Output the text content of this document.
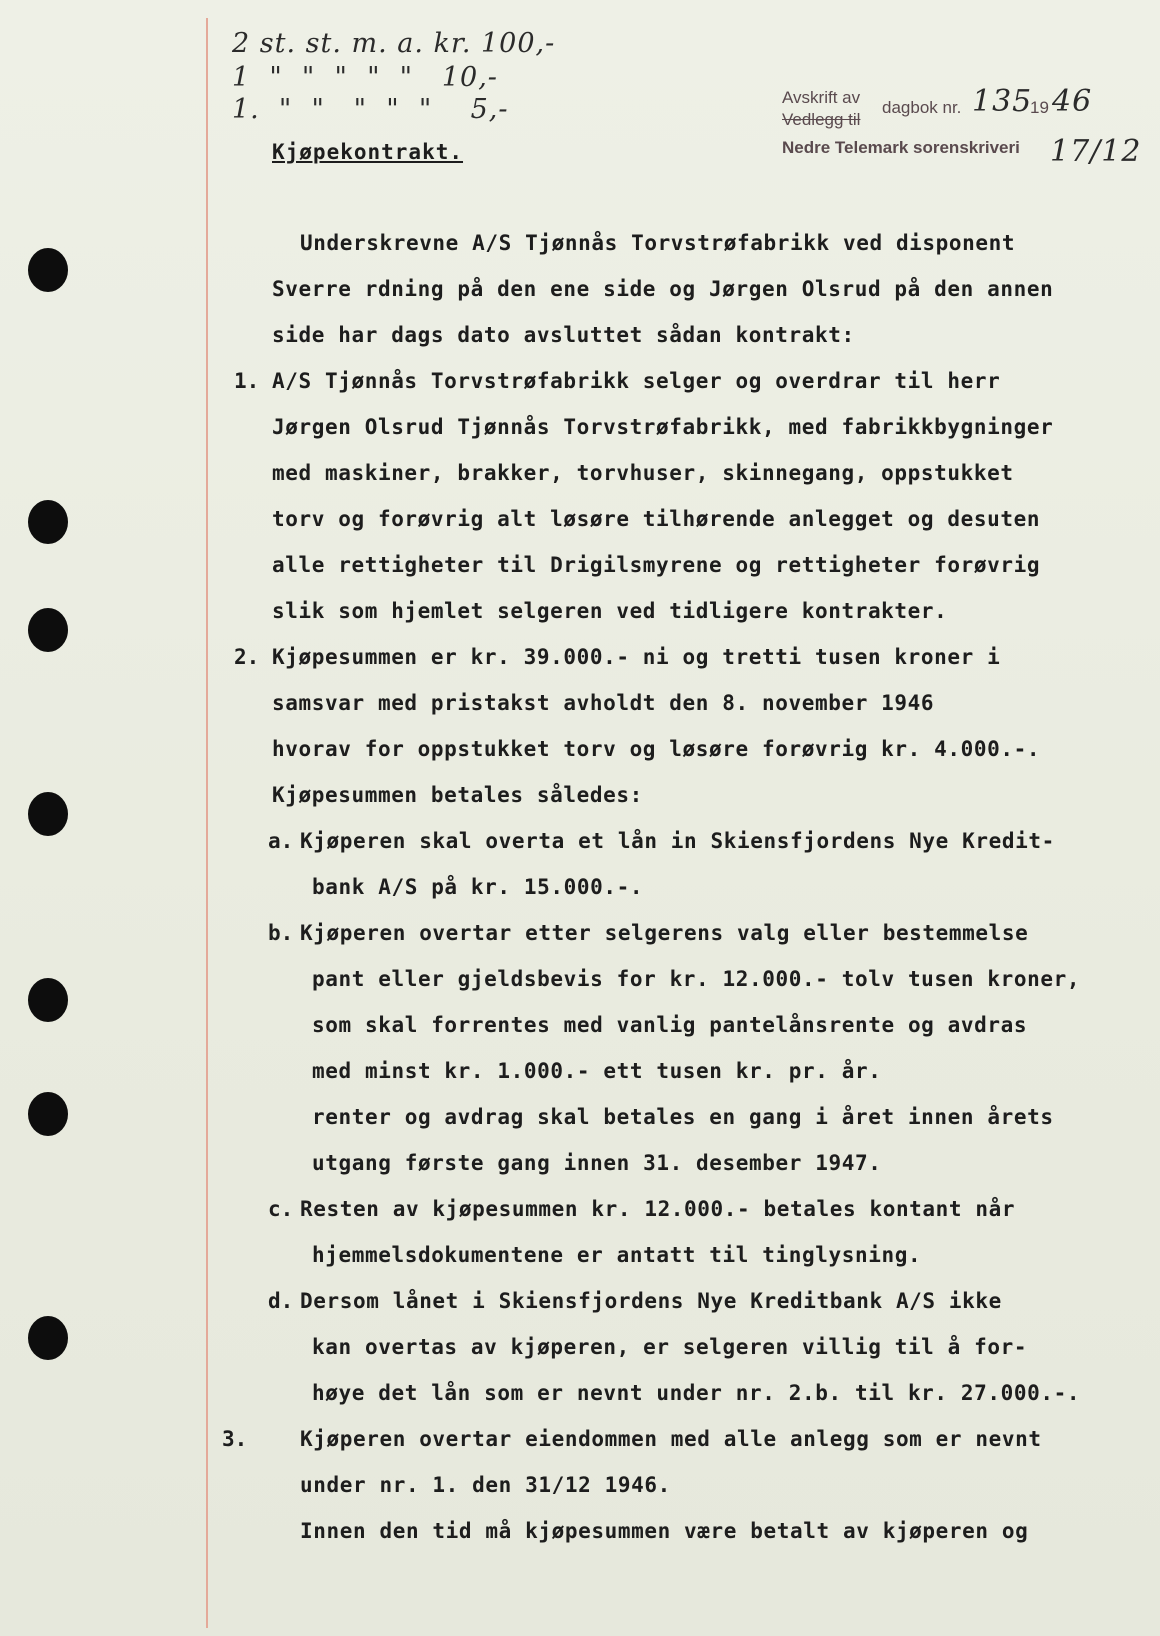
2 st. st. m. a. kr. 100,-
1  "  "  "  "  "   10,-
1.  "  "   "  "  "    5,-	Avskrift av
Vedlegg til
dagbok nr. 135
19 46
Nedre Telemark sorenskriveri 17/12
Kjøpekontrakt.
Underskrevne A/S Tjønnås Torvstrøfabrikk ved disponent
Sverre rdning på den ene side og Jørgen Olsrud på den annen
side har dags dato avsluttet sådan kontrakt:
1. A/S Tjønnås Torvstrøfabrikk selger og overdrar til herr
Jørgen Olsrud Tjønnås Torvstrøfabrikk, med fabrikkbygninger
med maskiner, brakker, torvhuser, skinnegang, oppstukket
torv og forøvrig alt løsøre tilhørende anlegget og desuten
alle rettigheter til Drigilsmyrene og rettigheter forøvrig
slik som hjemlet selgeren ved tidligere kontrakter.
2. Kjøpesummen er kr. 39.000.- ni og tretti tusen kroner i
samsvar med pristakst avholdt den 8. november 1946
hvorav for oppstukket torv og løsøre forøvrig kr. 4.000.-.
Kjøpesummen betales således:
a. Kjøperen skal overta et lån in Skiensfjordens Nye Kredit-
bank A/S på kr. 15.000.-.
b. Kjøperen overtar etter selgerens valg eller bestemmelse
pant eller gjeldsbevis for kr. 12.000.- tolv tusen kroner,
som skal forrentes med vanlig pantelånsrente og avdras
med minst kr. 1.000.- ett tusen kr. pr. år.
renter og avdrag skal betales en gang i året innen årets
utgang første gang innen 31. desember 1947.
c. Resten av kjøpesummen kr. 12.000.- betales kontant når
hjemmelsdokumentene er antatt til tinglysning.
d. Dersom lånet i Skiensfjordens Nye Kreditbank A/S ikke
kan overtas av kjøperen, er selgeren villig til å for-
høye det lån som er nevnt under nr. 2.b. til kr. 27.000.-.
3.	Kjøperen overtar eiendommen med alle anlegg som er nevnt
under nr. 1. den 31/12 1946.
Innen den tid må kjøpesummen være betalt av kjøperen og
